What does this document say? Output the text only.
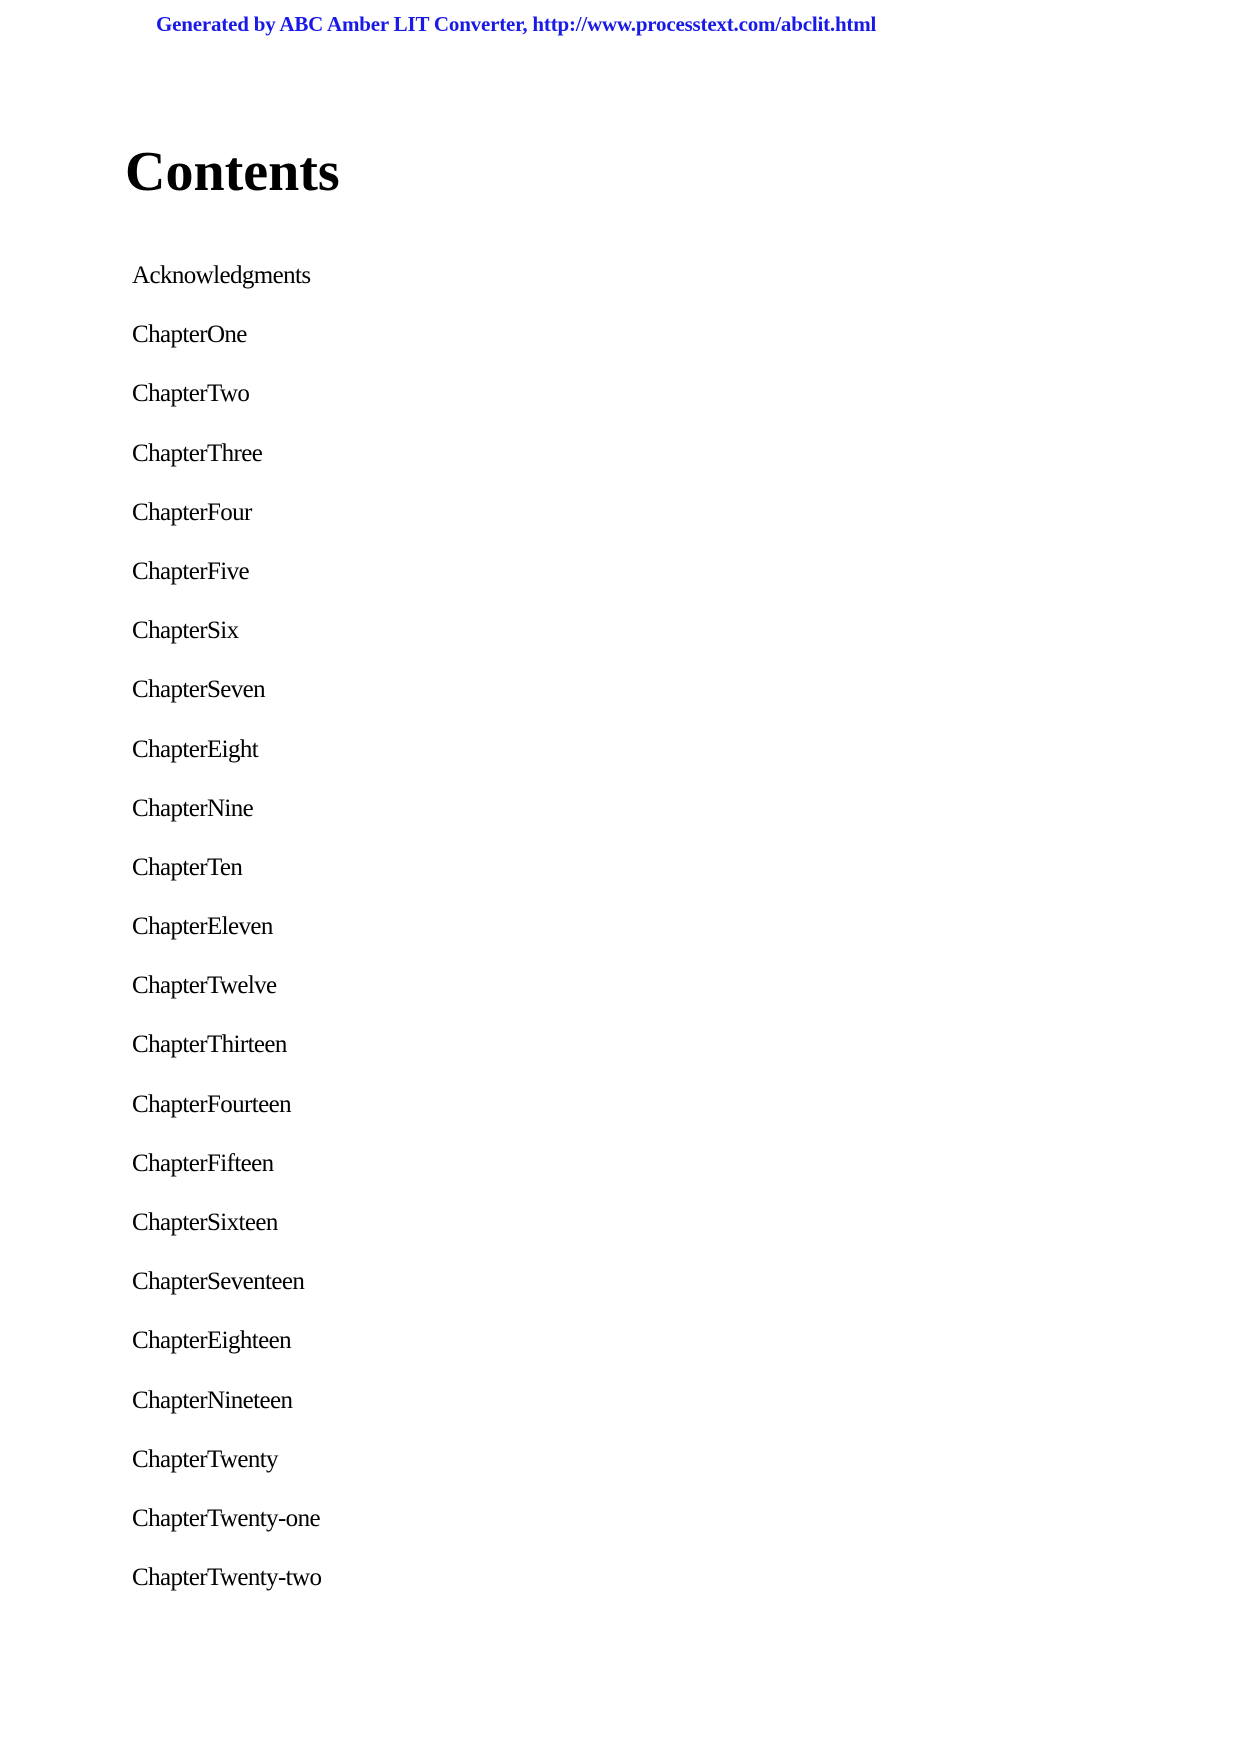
Generated by ABC Amber LIT Converter, http://www.processtext.com/abclit.html
Contents
Acknowledgments
ChapterOne
ChapterTwo
ChapterThree
ChapterFour
ChapterFive
ChapterSix
ChapterSeven
ChapterEight
ChapterNine
ChapterTen
ChapterEleven
ChapterTwelve
ChapterThirteen
ChapterFourteen
ChapterFifteen
ChapterSixteen
ChapterSeventeen
ChapterEighteen
ChapterNineteen
ChapterTwenty
ChapterTwenty-one
ChapterTwenty-two
